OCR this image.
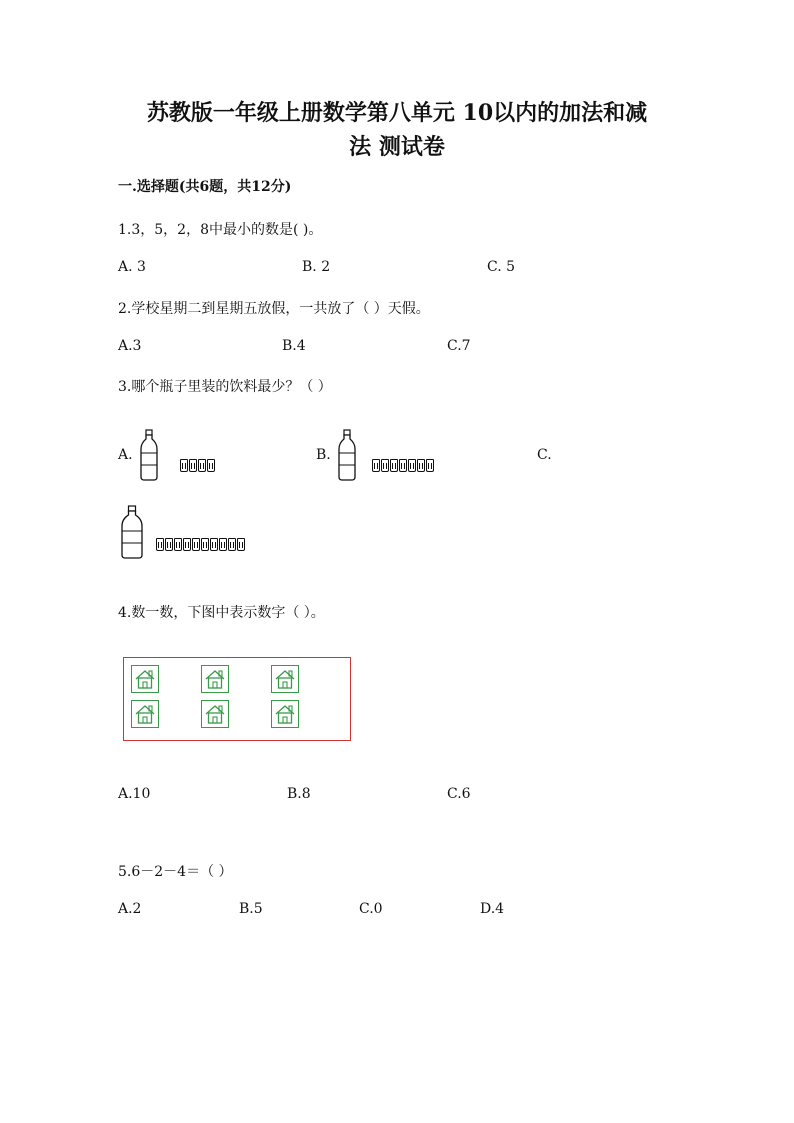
苏教版一年级上册数学第八单元 10以内的加法和减
法 测试卷
一.选择题(共6题，共12分)
1.3，5，2，8中最小的数是( )。
A. 3	B. 2	C. 5
2.学校星期二到星期五放假，一共放了（ ）天假。
A.3	B.4	C.7
3.哪个瓶子里装的饮料最少？（ ）
A.	B.	C.
4.数一数，下图中表示数字（ ）。
A.10	B.8	C.6
5.6－2－4＝（ ）
A.2	B.5	C.0	D.4
